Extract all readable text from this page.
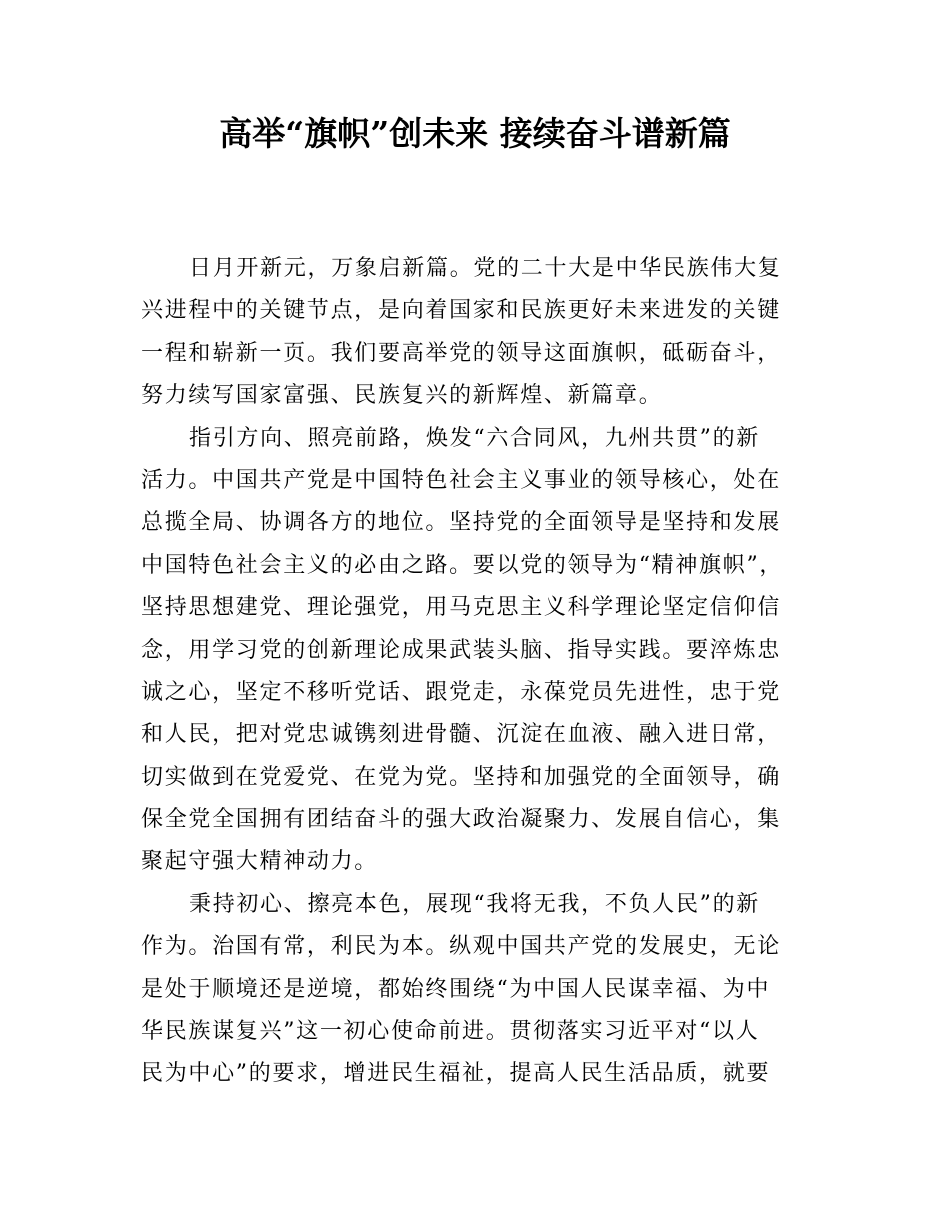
高举“旗帜”创未来 接续奋斗谱新篇
日月开新元，万象启新篇。党的二十大是中华民族伟大复
兴进程中的关键节点，是向着国家和民族更好未来进发的关键
一程和崭新一页。我们要高举党的领导这面旗帜，砥砺奋斗，
努力续写国家富强、民族复兴的新辉煌、新篇章。
指引方向、照亮前路，焕发“六合同风，九州共贯”的新
活力。中国共产党是中国特色社会主义事业的领导核心，处在
总揽全局、协调各方的地位。坚持党的全面领导是坚持和发展
中国特色社会主义的必由之路。要以党的领导为“精神旗帜”，
坚持思想建党、理论强党，用马克思主义科学理论坚定信仰信
念，用学习党的创新理论成果武装头脑、指导实践。要淬炼忠
诚之心，坚定不移听党话、跟党走，永葆党员先进性，忠于党
和人民，把对党忠诚镌刻进骨髓、沉淀在血液、融入进日常，
切实做到在党爱党、在党为党。坚持和加强党的全面领导，确
保全党全国拥有团结奋斗的强大政治凝聚力、发展自信心，集
聚起守强大精神动力。
秉持初心、擦亮本色，展现“我将无我，不负人民”的新
作为。治国有常，利民为本。纵观中国共产党的发展史，无论
是处于顺境还是逆境，都始终围绕“为中国人民谋幸福、为中
华民族谋复兴”这一初心使命前进。贯彻落实习近平对“以人
民为中心”的要求，增进民生福祉，提高人民生活品质，就要
